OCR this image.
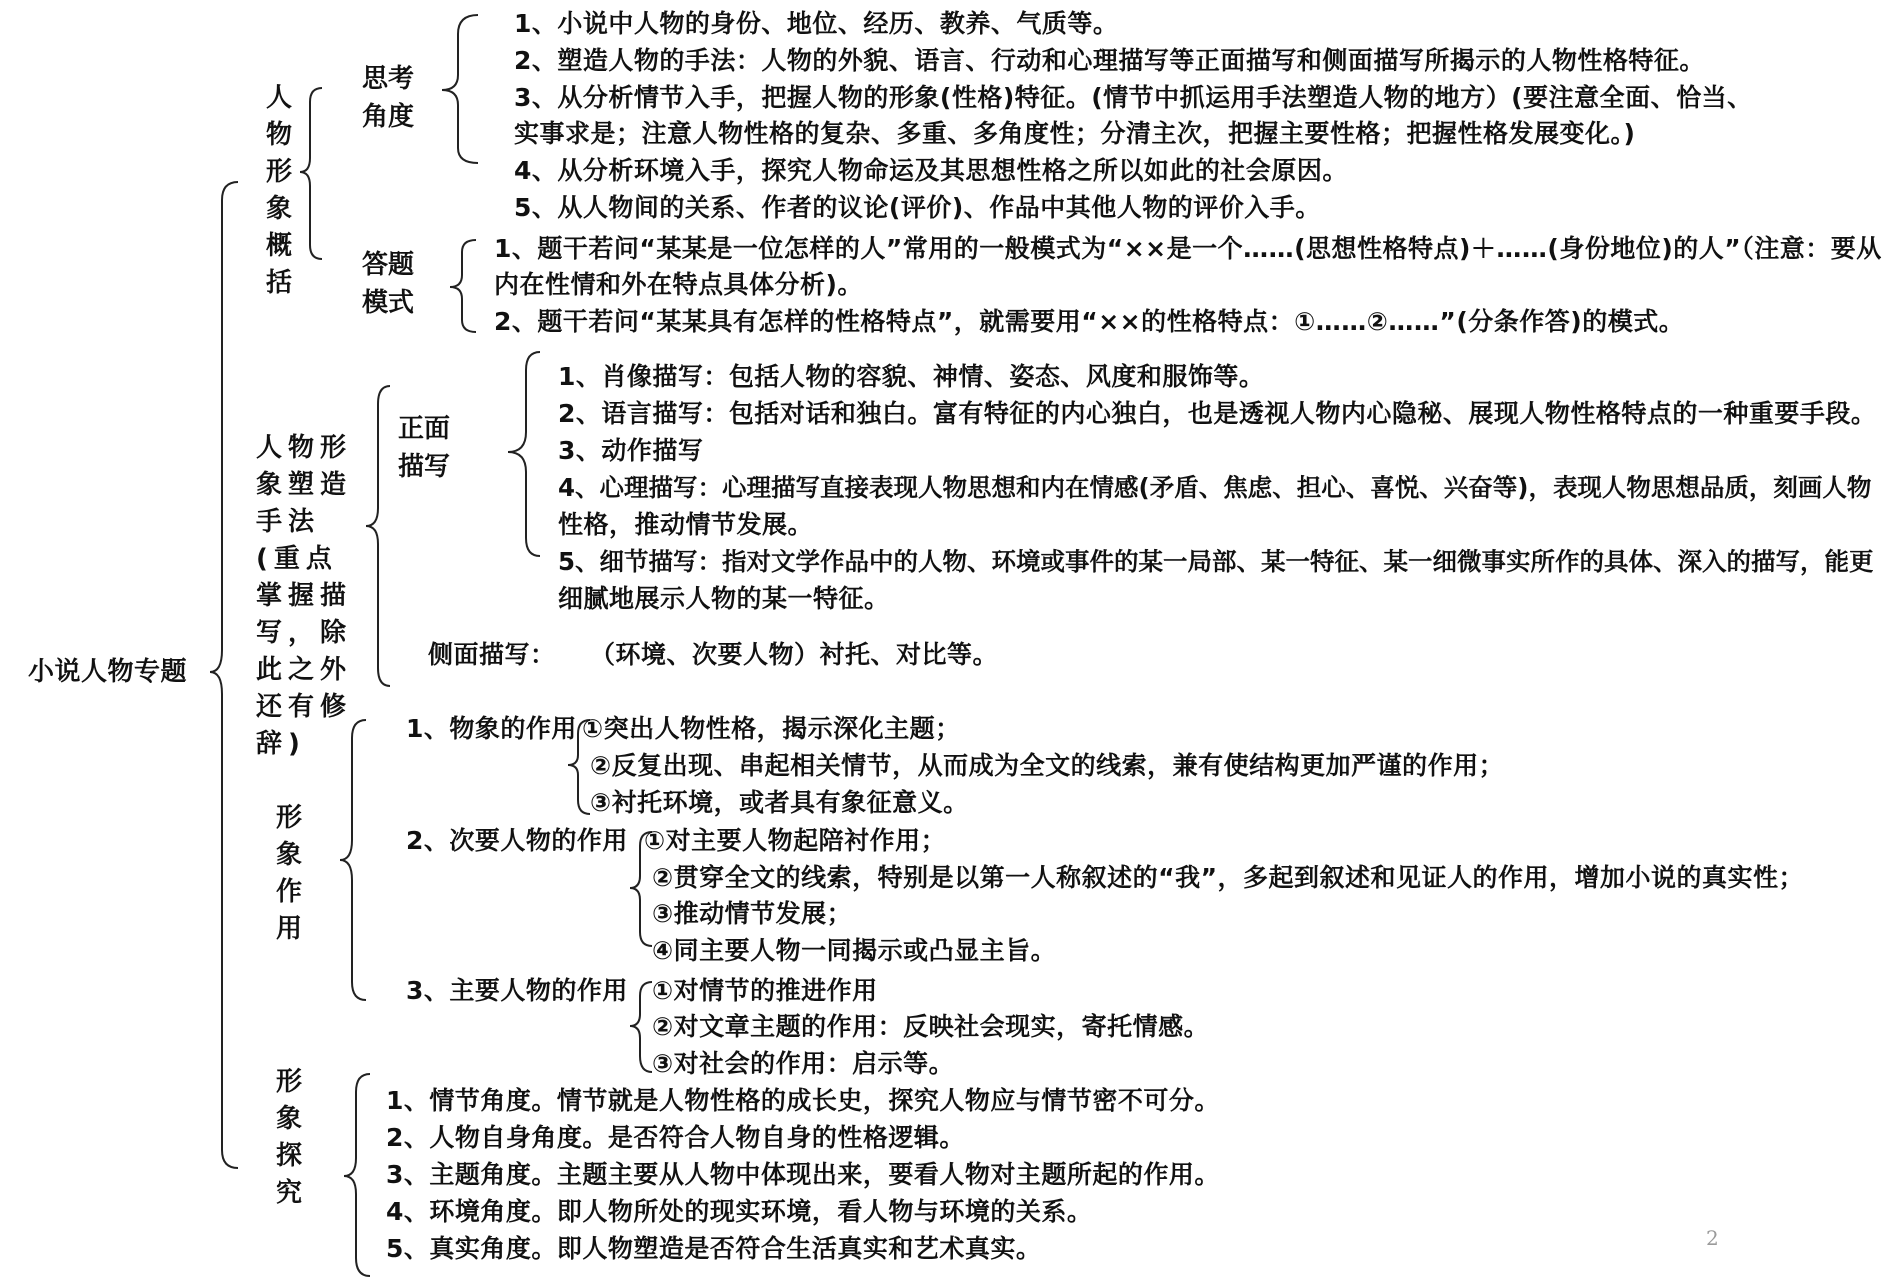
小说人物专题
人物形象概括
思考角度
1、小说中人物的身份、地位、经历、教养、气质等。
2、塑造人物的手法：人物的外貌、语言、行动和心理描写等正面描写和侧面描写所揭示的人物性格特征。
3、从分析情节入手，把握人物的形象(性格)特征。(情节中抓运用手法塑造人物的地方）(要注意全面、恰当、
实事求是；注意人物性格的复杂、多重、多角度性；分清主次，把握主要性格；把握性格发展变化。)
4、从分析环境入手，探究人物命运及其思想性格之所以如此的社会原因。
5、从人物间的关系、作者的议论(评价)、作品中其他人物的评价入手。
答题模式
1、题干若问“某某是一位怎样的人”常用的一般模式为“××是一个……(思想性格特点)＋……(身份地位)的人”（注意：要从
内在性情和外在特点具体分析)。
2、题干若问“某某具有怎样的性格特点”，就需要用“××的性格特点：①……②……”(分条作答)的模式。
人物形象塑造手法(重点掌握描写，除此之外还有修辞)
正面描写
1、肖像描写：包括人物的容貌、神情、姿态、风度和服饰等。
2、语言描写：包括对话和独白。富有特征的内心独白，也是透视人物内心隐秘、展现人物性格特点的一种重要手段。
3、动作描写
4、心理描写：心理描写直接表现人物思想和内在情感(矛盾、焦虑、担心、喜悦、兴奋等)，表现人物思想品质，刻画人物
性格，推动情节发展。
5、细节描写：指对文学作品中的人物、环境或事件的某一局部、某一特征、某一细微事实所作的具体、深入的描写，能更
细腻地展示人物的某一特征。
侧面描写： （环境、次要人物）衬托、对比等。
形象作用
1、物象的作用 ①突出人物性格，揭示深化主题；
②反复出现、串起相关情节，从而成为全文的线索，兼有使结构更加严谨的作用；
③衬托环境，或者具有象征意义。
2、次要人物的作用 ①对主要人物起陪衬作用；
②贯穿全文的线索，特别是以第一人称叙述的“我”，多起到叙述和见证人的作用，增加小说的真实性；
③推动情节发展；
④同主要人物一同揭示或凸显主旨。
3、主要人物的作用 ①对情节的推进作用
②对文章主题的作用：反映社会现实，寄托情感。
③对社会的作用：启示等。
形象探究
1、情节角度。情节就是人物性格的成长史，探究人物应与情节密不可分。
2、人物自身角度。是否符合人物自身的性格逻辑。
3、主题角度。主题主要从人物中体现出来，要看人物对主题所起的作用。
4、环境角度。即人物所处的现实环境，看人物与环境的关系。
5、真实角度。即人物塑造是否符合生活真实和艺术真实。	2
